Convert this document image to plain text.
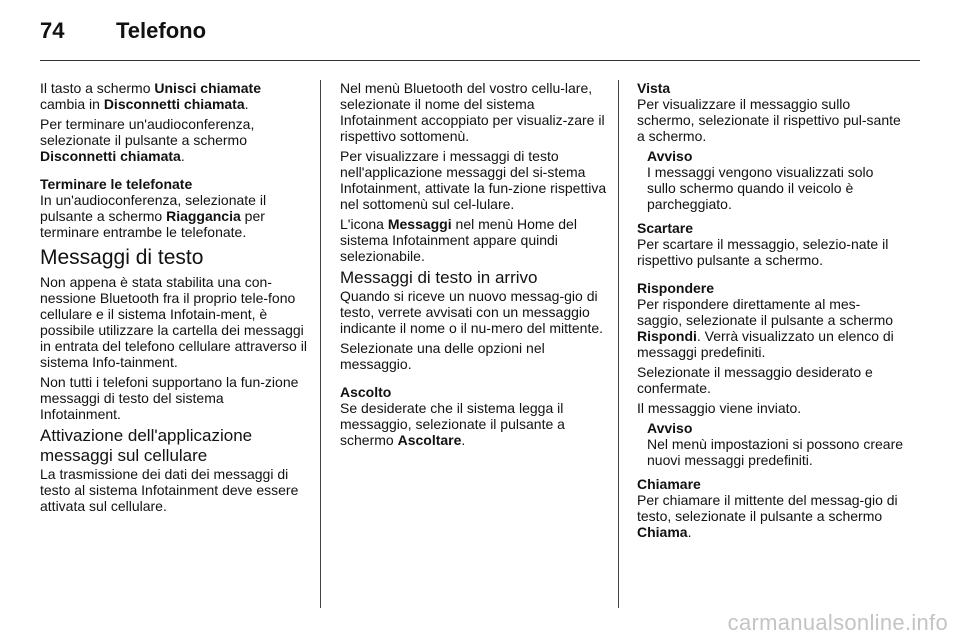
74 Telefono

Il tasto a schermo Unisci chiamate
cambia in Disconnetti chiamata.

Per terminare un'audioconferenza, selezionate il pulsante a schermo
Disconnetti chiamata.

Terminare le telefonate

In un'audioconferenza, selezionate il pulsante a schermo Riaggancia per terminare entrambe le telefonate.

Messaggi di testo

Non appena è stata stabilita una con-nessione Bluetooth fra il proprio tele-fono cellulare e il sistema Infotain-ment, è possibile utilizzare la cartella dei messaggi in entrata del telefono cellulare attraverso il sistema Info-tainment.

Non tutti i telefoni supportano la fun-zione messaggi di testo del sistema Infotainment.

Attivazione dell'applicazione messaggi sul cellulare

La trasmissione dei dati dei messaggi di testo al sistema Infotainment deve essere attivata sul cellulare.

Nel menù Bluetooth del vostro cellu-lare, selezionate il nome del sistema Infotainment accoppiato per visualiz-zare il rispettivo sottomenù.

Per visualizzare i messaggi di testo nell'applicazione messaggi del si-stema Infotainment, attivate la fun-zione rispettiva nel sottomenù sul cel-lulare.

L'icona Messaggi nel menù Home del sistema Infotainment appare quindi selezionabile.

Messaggi di testo in arrivo

Quando si riceve un nuovo messag-gio di testo, verrete avvisati con un messaggio indicante il nome o il nu-mero del mittente.

Selezionate una delle opzioni nel messaggio.

Ascolto

Se desiderate che il sistema legga il messaggio, selezionate il pulsante a schermo Ascoltare.

Vista

Per visualizzare il messaggio sullo schermo, selezionate il rispettivo pul-sante a schermo.

Avviso
I messaggi vengono visualizzati solo sullo schermo quando il veicolo è parcheggiato.
Scartare

Per scartare il messaggio, selezio-nate il rispettivo pulsante a schermo.

Rispondere

Per rispondere direttamente al mes-saggio, selezionate il pulsante a schermo Rispondi. Verrà visualizzato un elenco di messaggi predefiniti.

Selezionate il messaggio desiderato e confermate.

Il messaggio viene inviato.

Avviso
Nel menù impostazioni si possono creare nuovi messaggi predefiniti.
Chiamare

Per chiamare il mittente del messag-gio di testo, selezionate il pulsante a schermo Chiama.

carmanualsonline.info
